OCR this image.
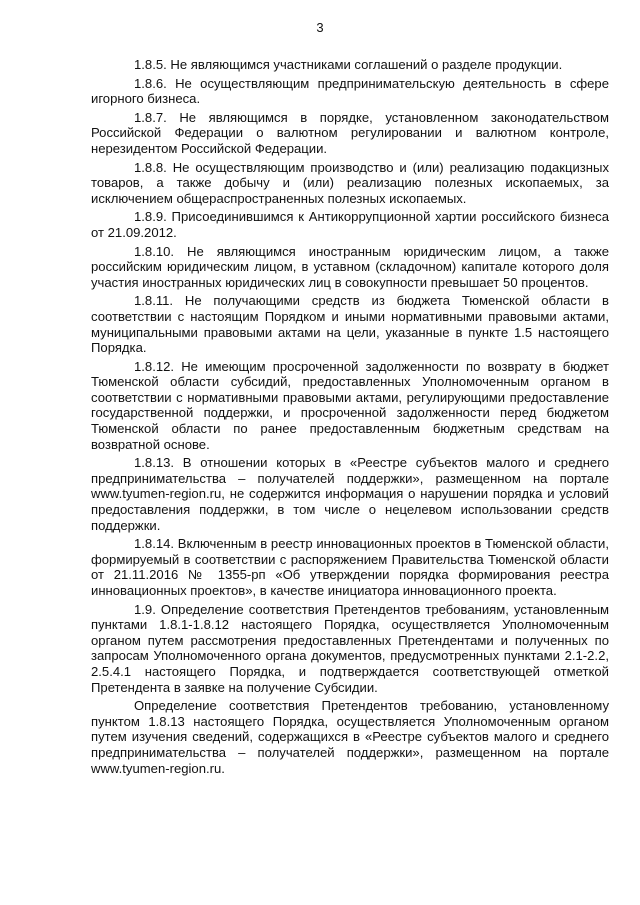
3

1.8.5. Не являющимся участниками соглашений о разделе продукции.

1.8.6. Не осуществляющим предпринимательскую деятельность в сфере игорного бизнеса.

1.8.7. Не являющимся в порядке, установленном законодательством Российской Федерации о валютном регулировании и валютном контроле, нерезидентом Российской Федерации.

1.8.8. Не осуществляющим производство и (или) реализацию подакцизных товаров, а также добычу и (или) реализацию полезных ископаемых, за исключением общераспространенных полезных ископаемых.

1.8.9. Присоединившимся к Антикоррупционной хартии российского бизнеса от 21.09.2012.

1.8.10. Не являющимся иностранным юридическим лицом, а также российским юридическим лицом, в уставном (складочном) капитале которого доля участия иностранных юридических лиц в совокупности превышает 50 процентов.

1.8.11. Не получающими средств из бюджета Тюменской области в соответствии с настоящим Порядком и иными нормативными правовыми актами, муниципальными правовыми актами на цели, указанные в пункте 1.5 настоящего Порядка.

1.8.12. Не имеющим просроченной задолженности по возврату в бюджет Тюменской области субсидий, предоставленных Уполномоченным органом в соответствии с нормативными правовыми актами, регулирующими предоставление государственной поддержки, и просроченной задолженности перед бюджетом Тюменской области по ранее предоставленным бюджетным средствам на возвратной основе.

1.8.13. В отношении которых в «Реестре субъектов малого и среднего предпринимательства – получателей поддержки», размещенном на портале www.tyumen-region.ru, не содержится информация о нарушении порядка и условий предоставления поддержки, в том числе о нецелевом использовании средств поддержки.

1.8.14. Включенным в реестр инновационных проектов в Тюменской области, формируемый в соответствии с распоряжением Правительства Тюменской области от 21.11.2016 № 1355-рп «Об утверждении порядка формирования реестра инновационных проектов», в качестве инициатора инновационного проекта.

1.9. Определение соответствия Претендентов требованиям, установленным пунктами 1.8.1-1.8.12 настоящего Порядка, осуществляется Уполномоченным органом путем рассмотрения предоставленных Претендентами и полученных по запросам Уполномоченного органа документов, предусмотренных пунктами 2.1-2.2, 2.5.4.1 настоящего Порядка, и подтверждается соответствующей отметкой Претендента в заявке на получение Субсидии.

Определение соответствия Претендентов требованию, установленному пунктом 1.8.13 настоящего Порядка, осуществляется Уполномоченным органом путем изучения сведений, содержащихся в «Реестре субъектов малого и среднего предпринимательства – получателей поддержки», размещенном на портале www.tyumen-region.ru.
